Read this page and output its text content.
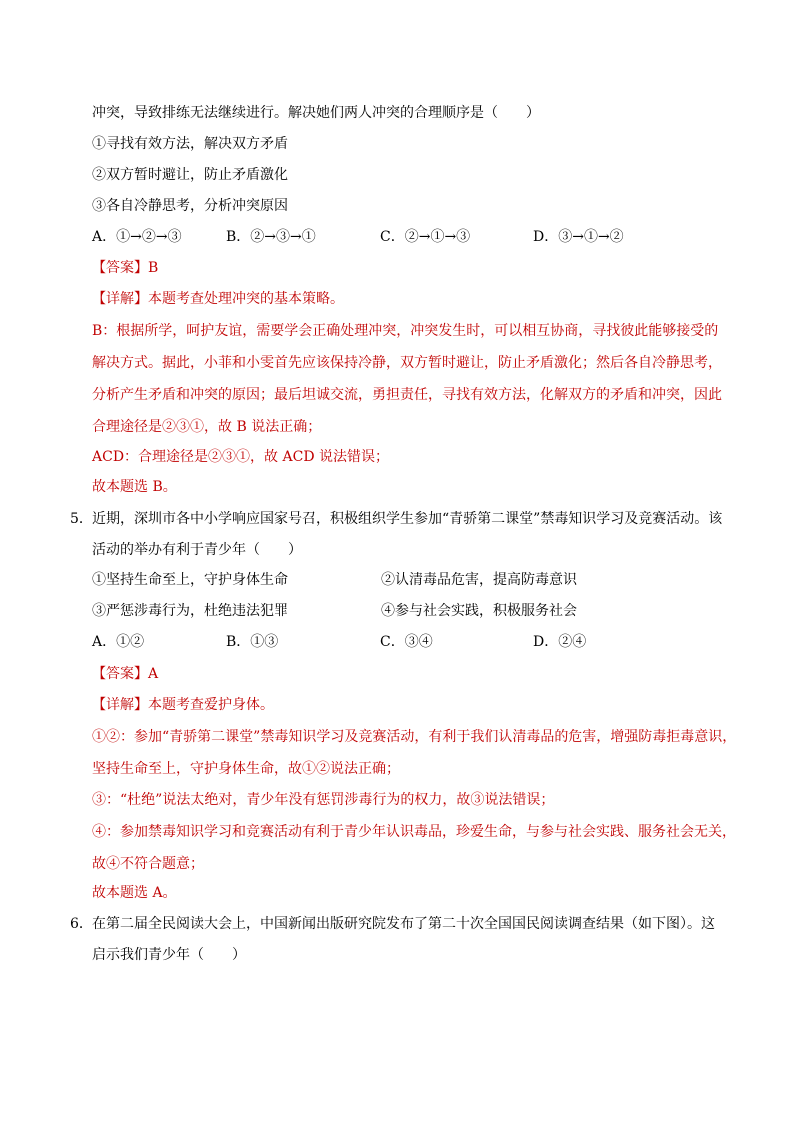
冲突，导致排练无法继续进行。解决她们两人冲突的合理顺序是（　　）
①寻找有效方法，解决双方矛盾
②双方暂时避让，防止矛盾激化
③各自冷静思考，分析冲突原因
A．①→②→③	B．②→③→①	C．②→①→③	D．③→①→②
【答案】B
【详解】本题考查处理冲突的基本策略。
B：根据所学，呵护友谊，需要学会正确处理冲突，冲突发生时，可以相互协商，寻找彼此能够接受的
解决方式。据此，小菲和小雯首先应该保持冷静，双方暂时避让，防止矛盾激化；然后各自冷静思考，
分析产生矛盾和冲突的原因；最后坦诚交流，勇担责任，寻找有效方法，化解双方的矛盾和冲突，因此
合理途径是②③①，故 B 说法正确；
ACD：合理途径是②③①，故 ACD 说法错误；
故本题选 B。
5． 近期，深圳市各中小学响应国家号召，积极组织学生参加“青骄第二课堂”禁毒知识学习及竞赛活动。该
活动的举办有利于青少年（　　）
①坚持生命至上，守护身体生命	②认清毒品危害，提高防毒意识
③严惩涉毒行为，杜绝违法犯罪	④参与社会实践，积极服务社会
A．①②	B．①③	C．③④	D．②④
【答案】A
【详解】本题考查爱护身体。
①②：参加“青骄第二课堂”禁毒知识学习及竞赛活动，有利于我们认清毒品的危害，增强防毒拒毒意识，
坚持生命至上，守护身体生命，故①②说法正确；
③：“杜绝”说法太绝对，青少年没有惩罚涉毒行为的权力，故③说法错误；
④：参加禁毒知识学习和竞赛活动有利于青少年认识毒品，珍爱生命，与参与社会实践、服务社会无关，
故④不符合题意；
故本题选 A。
6． 在第二届全民阅读大会上，中国新闻出版研究院发布了第二十次全国国民阅读调查结果（如下图）。这
启示我们青少年（　　）
